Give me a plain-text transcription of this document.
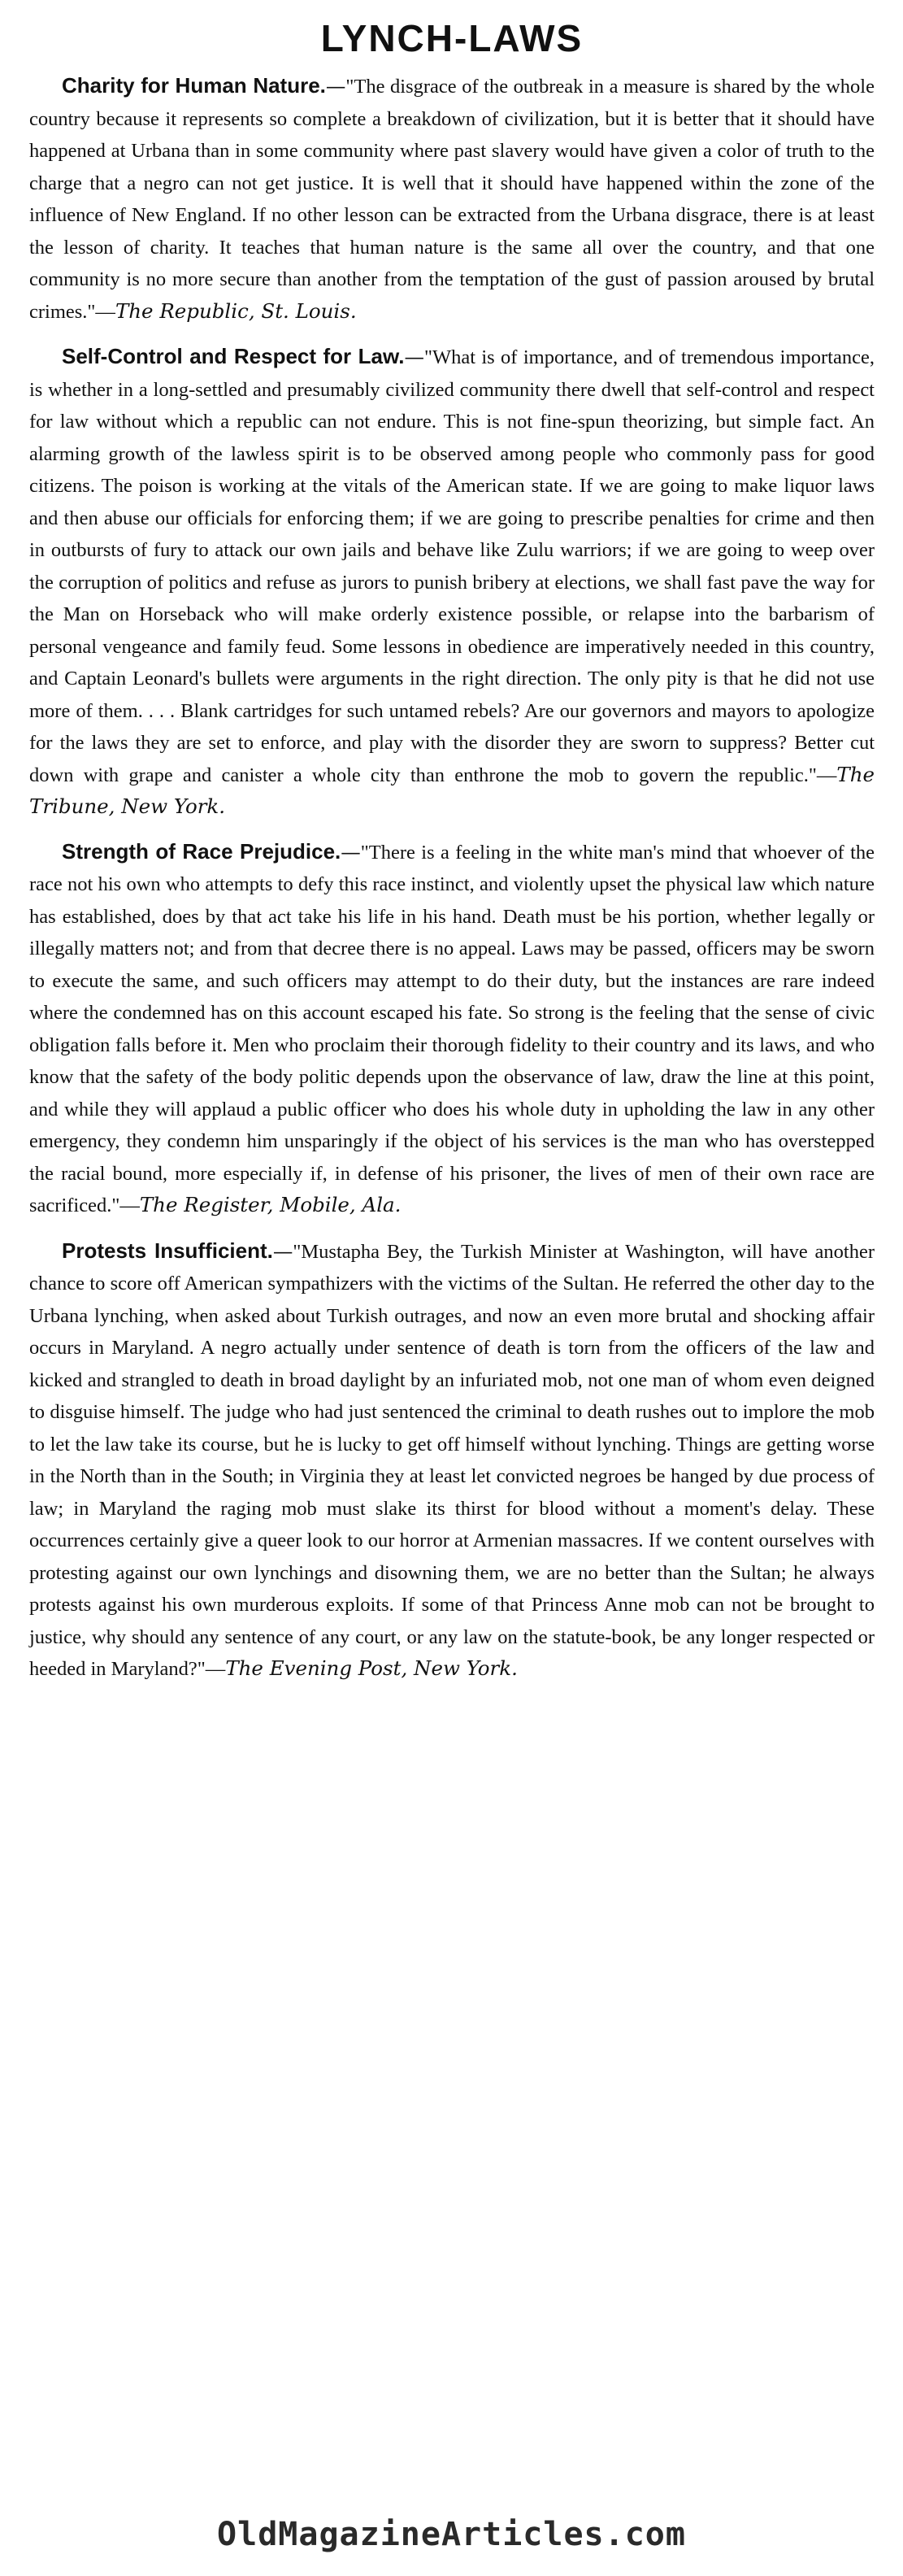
LYNCH-LAWS

Charity for Human Nature.—"The disgrace of the outbreak in a measure is shared by the whole country because it represents so complete a breakdown of civilization, but it is better that it should have happened at Urbana than in some community where past slavery would have given a color of truth to the charge that a negro can not get justice. It is well that it should have happened within the zone of the influence of New England. If no other lesson can be extracted from the Urbana disgrace, there is at least the lesson of charity. It teaches that human nature is the same all over the country, and that one community is no more secure than another from the temptation of the gust of passion aroused by brutal crimes."—The Republic, St. Louis.

Self-Control and Respect for Law.—"What is of importance, and of tremendous importance, is whether in a long-settled and presumably civilized community there dwell that self-control and respect for law without which a republic can not endure. This is not fine-spun theorizing, but simple fact. An alarming growth of the lawless spirit is to be observed among people who commonly pass for good citizens. The poison is working at the vitals of the American state. If we are going to make liquor laws and then abuse our officials for enforcing them; if we are going to prescribe penalties for crime and then in outbursts of fury to attack our own jails and behave like Zulu warriors; if we are going to weep over the corruption of politics and refuse as jurors to punish bribery at elections, we shall fast pave the way for the Man on Horseback who will make orderly existence possible, or relapse into the barbarism of personal vengeance and family feud. Some lessons in obedience are imperatively needed in this country, and Captain Leonard's bullets were arguments in the right direction. The only pity is that he did not use more of them. . . . Blank cartridges for such untamed rebels? Are our governors and mayors to apologize for the laws they are set to enforce, and play with the disorder they are sworn to suppress? Better cut down with grape and canister a whole city than enthrone the mob to govern the republic."—The Tribune, New York.

Strength of Race Prejudice.—"There is a feeling in the white man's mind that whoever of the race not his own who attempts to defy this race instinct, and violently upset the physical law which nature has established, does by that act take his life in his hand. Death must be his portion, whether legally or illegally matters not; and from that decree there is no appeal. Laws may be passed, officers may be sworn to execute the same, and such officers may attempt to do their duty, but the instances are rare indeed where the condemned has on this account escaped his fate. So strong is the feeling that the sense of civic obligation falls before it. Men who proclaim their thorough fidelity to their country and its laws, and who know that the safety of the body politic depends upon the observance of law, draw the line at this point, and while they will applaud a public officer who does his whole duty in upholding the law in any other emergency, they condemn him unsparingly if the object of his services is the man who has overstepped the racial bound, more especially if, in defense of his prisoner, the lives of men of their own race are sacrificed."—The Register, Mobile, Ala.

Protests Insufficient.—"Mustapha Bey, the Turkish Minister at Washington, will have another chance to score off American sympathizers with the victims of the Sultan. He referred the other day to the Urbana lynching, when asked about Turkish outrages, and now an even more brutal and shocking affair occurs in Maryland. A negro actually under sentence of death is torn from the officers of the law and kicked and strangled to death in broad daylight by an infuriated mob, not one man of whom even deigned to disguise himself. The judge who had just sentenced the criminal to death rushes out to implore the mob to let the law take its course, but he is lucky to get off himself without lynching. Things are getting worse in the North than in the South; in Virginia they at least let convicted negroes be hanged by due process of law; in Maryland the raging mob must slake its thirst for blood without a moment's delay. These occurrences certainly give a queer look to our horror at Armenian massacres. If we content ourselves with protesting against our own lynchings and disowning them, we are no better than the Sultan; he always protests against his own murderous exploits. If some of that Princess Anne mob can not be brought to justice, why should any sentence of any court, or any law on the statute-book, be any longer respected or heeded in Maryland?"—The Evening Post, New York.

OldMagazineArticles.com
